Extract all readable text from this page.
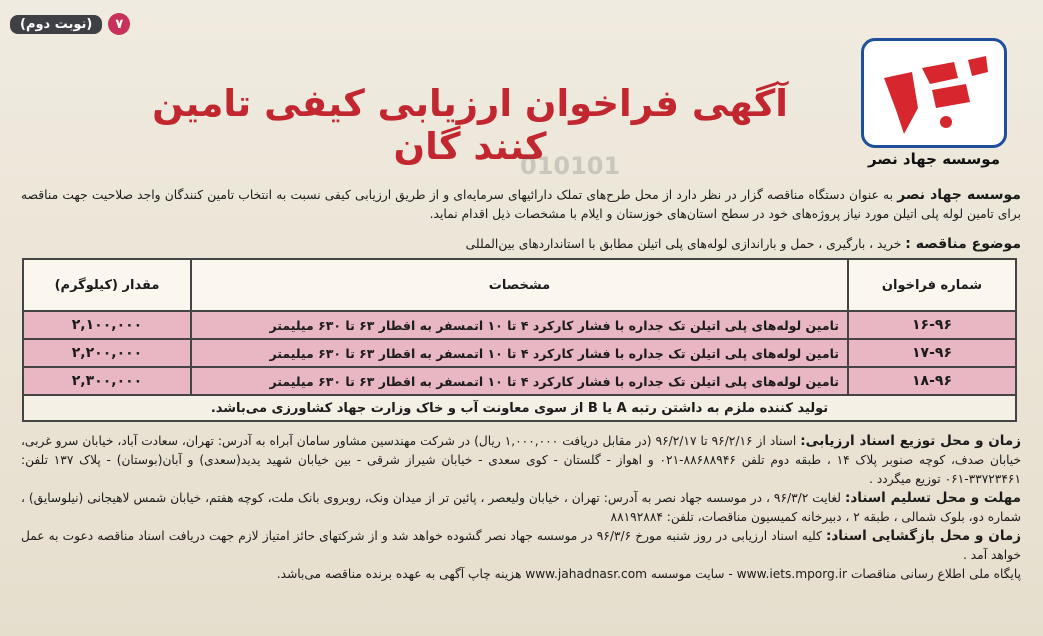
(نوبت دوم)	۷
موسسه جهاد نصر
آگهی فراخوان ارزیابی کیفی تامین کنند گان
010101
موسسه جهاد نصر به عنوان دستگاه مناقصه گزار در نظر دارد از محل طرح‌های تملک دارائیهای سرمایه‌ای و از طریق ارزیابی کیفی نسبت به انتخاب تامین کنندگان واجد صلاحیت جهت مناقصه برای تامین لوله پلی اتیلن مورد نیاز پروژه‌های خود در سطح استان‌های خوزستان و ایلام با مشخصات ذیل اقدام نماید.
موضوع مناقصه : خرید ، بارگیری ، حمل و باراندازی لوله‌های پلی اتیلن مطابق با استانداردهای بین‌المللی
شماره فراخوان	مشخصات	مقدار (کیلوگرم)
۱۶-۹۶	تامین لوله‌های پلی اتیلن تک جداره با فشار کارکرد ۴ تا ۱۰ اتمسفر به اقطار ۶۳ تا ۶۳۰ میلیمتر	۲,۱۰۰,۰۰۰
۱۷-۹۶	تامین لوله‌های پلی اتیلن تک جداره با فشار کارکرد ۴ تا ۱۰ اتمسفر به اقطار ۶۳ تا ۶۳۰ میلیمتر	۲,۲۰۰,۰۰۰
۱۸-۹۶	تامین لوله‌های پلی اتیلن تک جداره با فشار کارکرد ۴ تا ۱۰ اتمسفر به اقطار ۶۳ تا ۶۳۰ میلیمتر	۲,۳۰۰,۰۰۰
تولید کننده ملزم به داشتن رتبه A یا B از سوی معاونت آب و خاک وزارت جهاد کشاورزی می‌باشد.		

زمان و محل توزیع اسناد ارزیابی: اسناد از ۹۶/۲/۱۶ تا ۹۶/۲/۱۷ (در مقابل دریافت ۱,۰۰۰,۰۰۰ ریال) در شرکت مهندسین مشاور سامان آبراه به آدرس: تهران، سعادت آباد، خیابان سرو غربی، خیابان صدف، کوچه صنوبر پلاک ۱۴ ، طبقه دوم تلفن ۸۸۶۸۸۹۴۶-۰۲۱ و اهواز - گلستان - کوی سعدی - خیابان شیراز شرقی - بین خیابان شهید یدید(سعدی) و آبان(بوستان) - پلاک ۱۳۷ تلفن: ۳۳۷۲۳۴۶۱-۰۶۱ توزیع میگردد .

مهلت و محل تسلیم اسناد: لغایت ۹۶/۳/۲ ، در موسسه جهاد نصر به آدرس: تهران ، خیابان ولیعصر ، پائین تر از میدان ونک، روبروی بانک ملت، کوچه هفتم، خیابان شمس لاهیجانی (نیلوسایق) ، شماره دو، بلوک شمالی ، طبقه ۲ ، دبیرخانه کمیسیون مناقصات، تلفن: ۸۸۱۹۲۸۸۴

زمان و محل بازگشایی اسناد: کلیه اسناد ارزیابی در روز شنبه مورخ ۹۶/۳/۶ در موسسه جهاد نصر گشوده خواهد شد و از شرکتهای حائز امتیاز لازم جهت دریافت اسناد مناقصه دعوت به عمل خواهد آمد .

پایگاه ملی اطلاع رسانی مناقصات www.iets.mporg.ir - سایت موسسه www.jahadnasr.com هزینه چاپ آگهی به عهده برنده مناقصه می‌باشد.
